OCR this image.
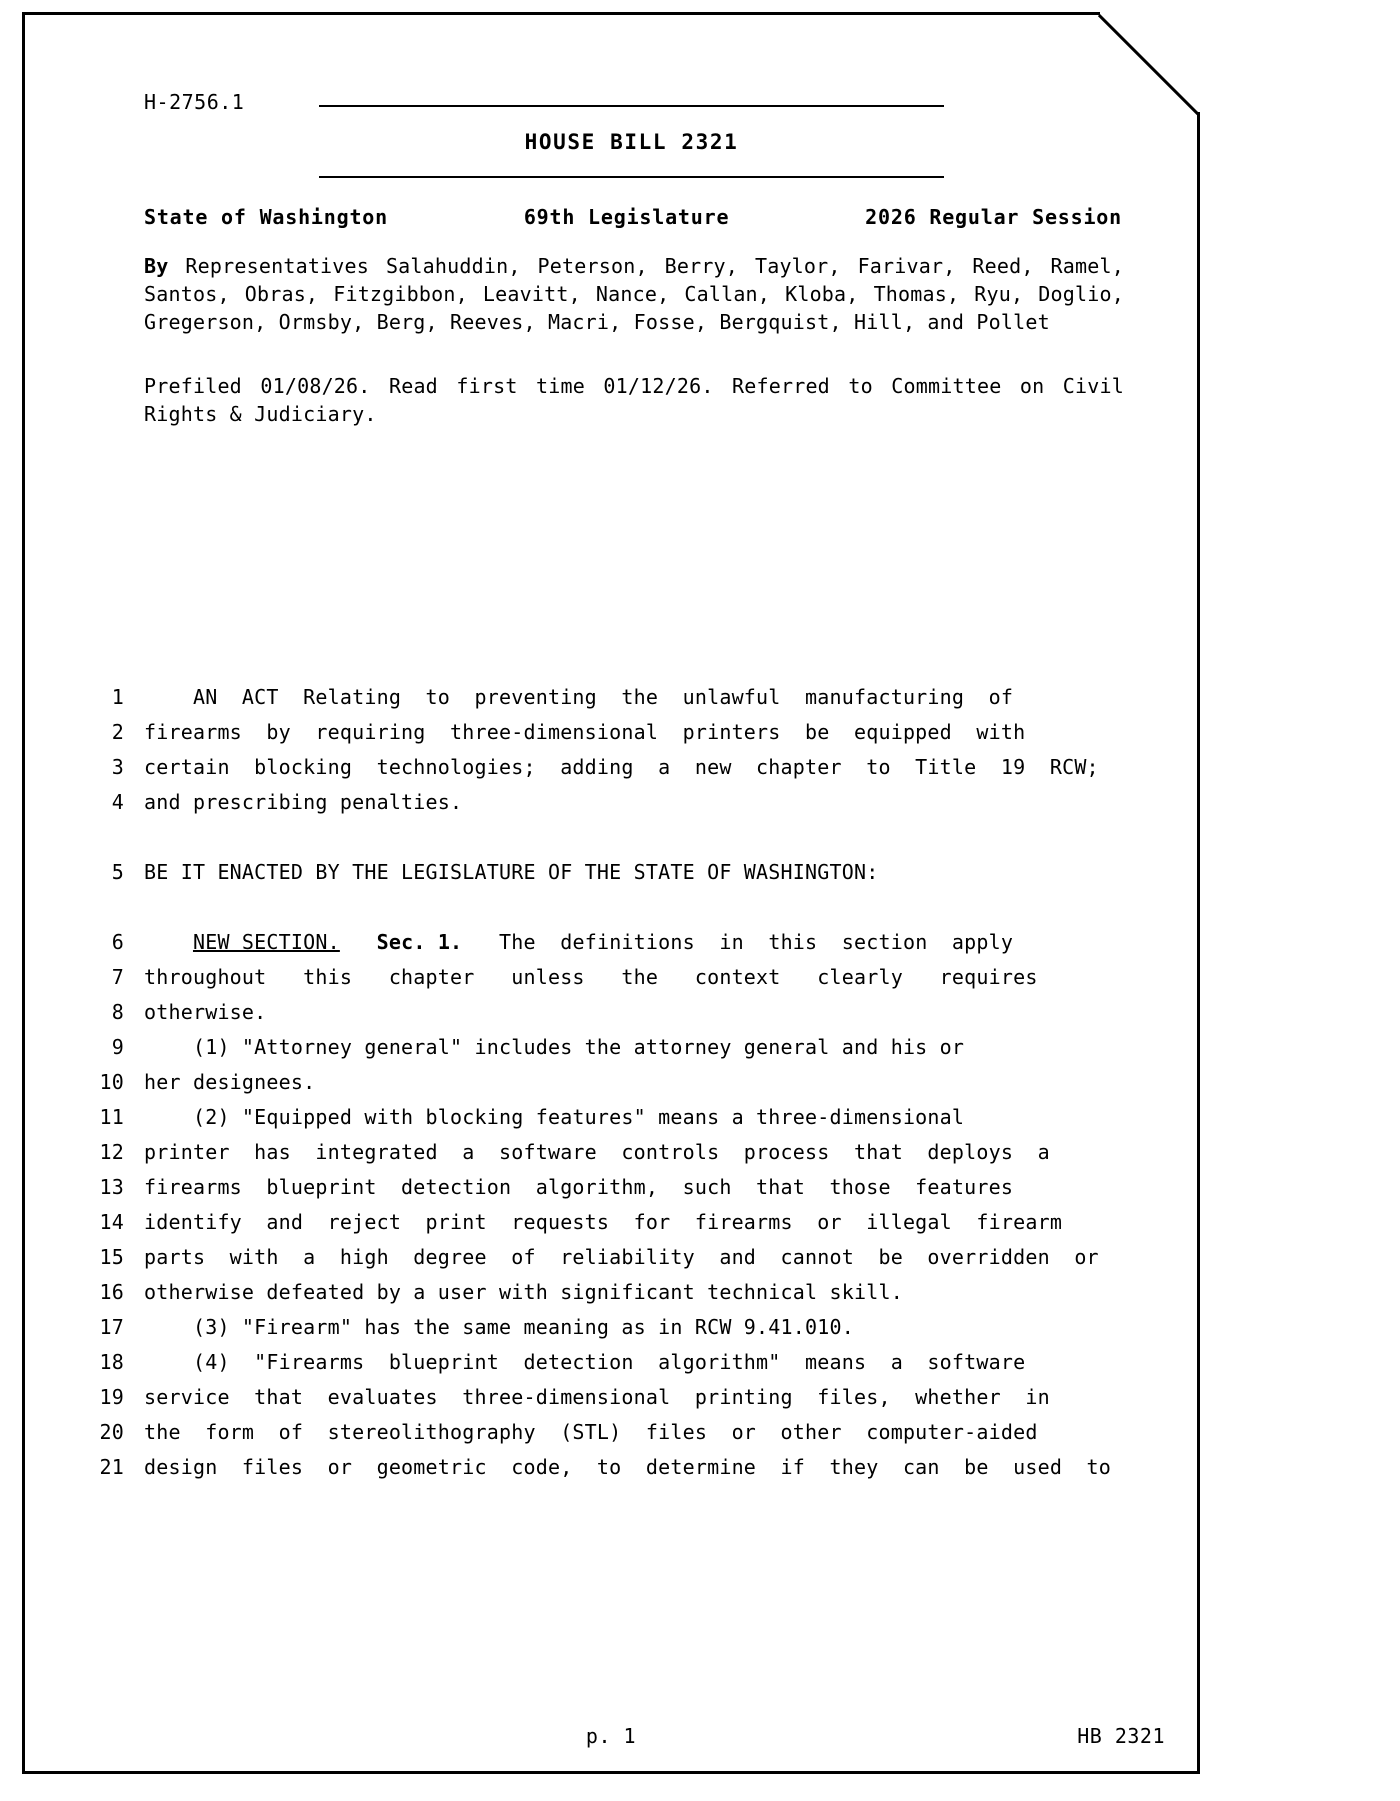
H-2756.1
HOUSE BILL 2321
State of Washington	69th Legislature	2026 Regular Session
By Representatives Salahuddin, Peterson, Berry, Taylor, Farivar, Reed, Ramel, Santos, Obras, Fitzgibbon, Leavitt, Nance, Callan, Kloba, Thomas, Ryu, Doglio, Gregerson, Ormsby, Berg, Reeves, Macri, Fosse, Bergquist, Hill, and Pollet
Prefiled 01/08/26. Read first time 01/12/26. Referred to Committee on Civil Rights & Judiciary.
1 AN  ACT  Relating  to  preventing  the  unlawful  manufacturing  of
2 firearms  by  requiring  three-dimensional  printers  be  equipped  with
3 certain  blocking  technologies;  adding  a  new  chapter  to  Title  19  RCW;
4 and prescribing penalties.
5 BE IT ENACTED BY THE LEGISLATURE OF THE STATE OF WASHINGTON:
6	NEW SECTION. Sec. 1.   The  definitions  in  this  section  apply
7 throughout   this   chapter   unless   the   context   clearly   requires
8 otherwise.
9 (1) "Attorney general" includes the attorney general and his or
10 her designees.
11 (2) "Equipped with blocking features" means a three-dimensional
12 printer  has  integrated  a  software  controls  process  that  deploys  a
13 firearms  blueprint  detection  algorithm,  such  that  those  features
14 identify  and  reject  print  requests  for  firearms  or  illegal  firearm
15 parts  with  a  high  degree  of  reliability  and  cannot  be  overridden  or
16 otherwise defeated by a user with significant technical skill.
17 (3) "Firearm" has the same meaning as in RCW 9.41.010.
18 (4)  "Firearms  blueprint  detection  algorithm"  means  a  software
19 service  that  evaluates  three-dimensional  printing  files,  whether  in
20 the  form  of  stereolithography  (STL)  files  or  other  computer-aided
21 design  files  or  geometric  code,  to  determine  if  they  can  be  used  to
p. 1	HB 2321
